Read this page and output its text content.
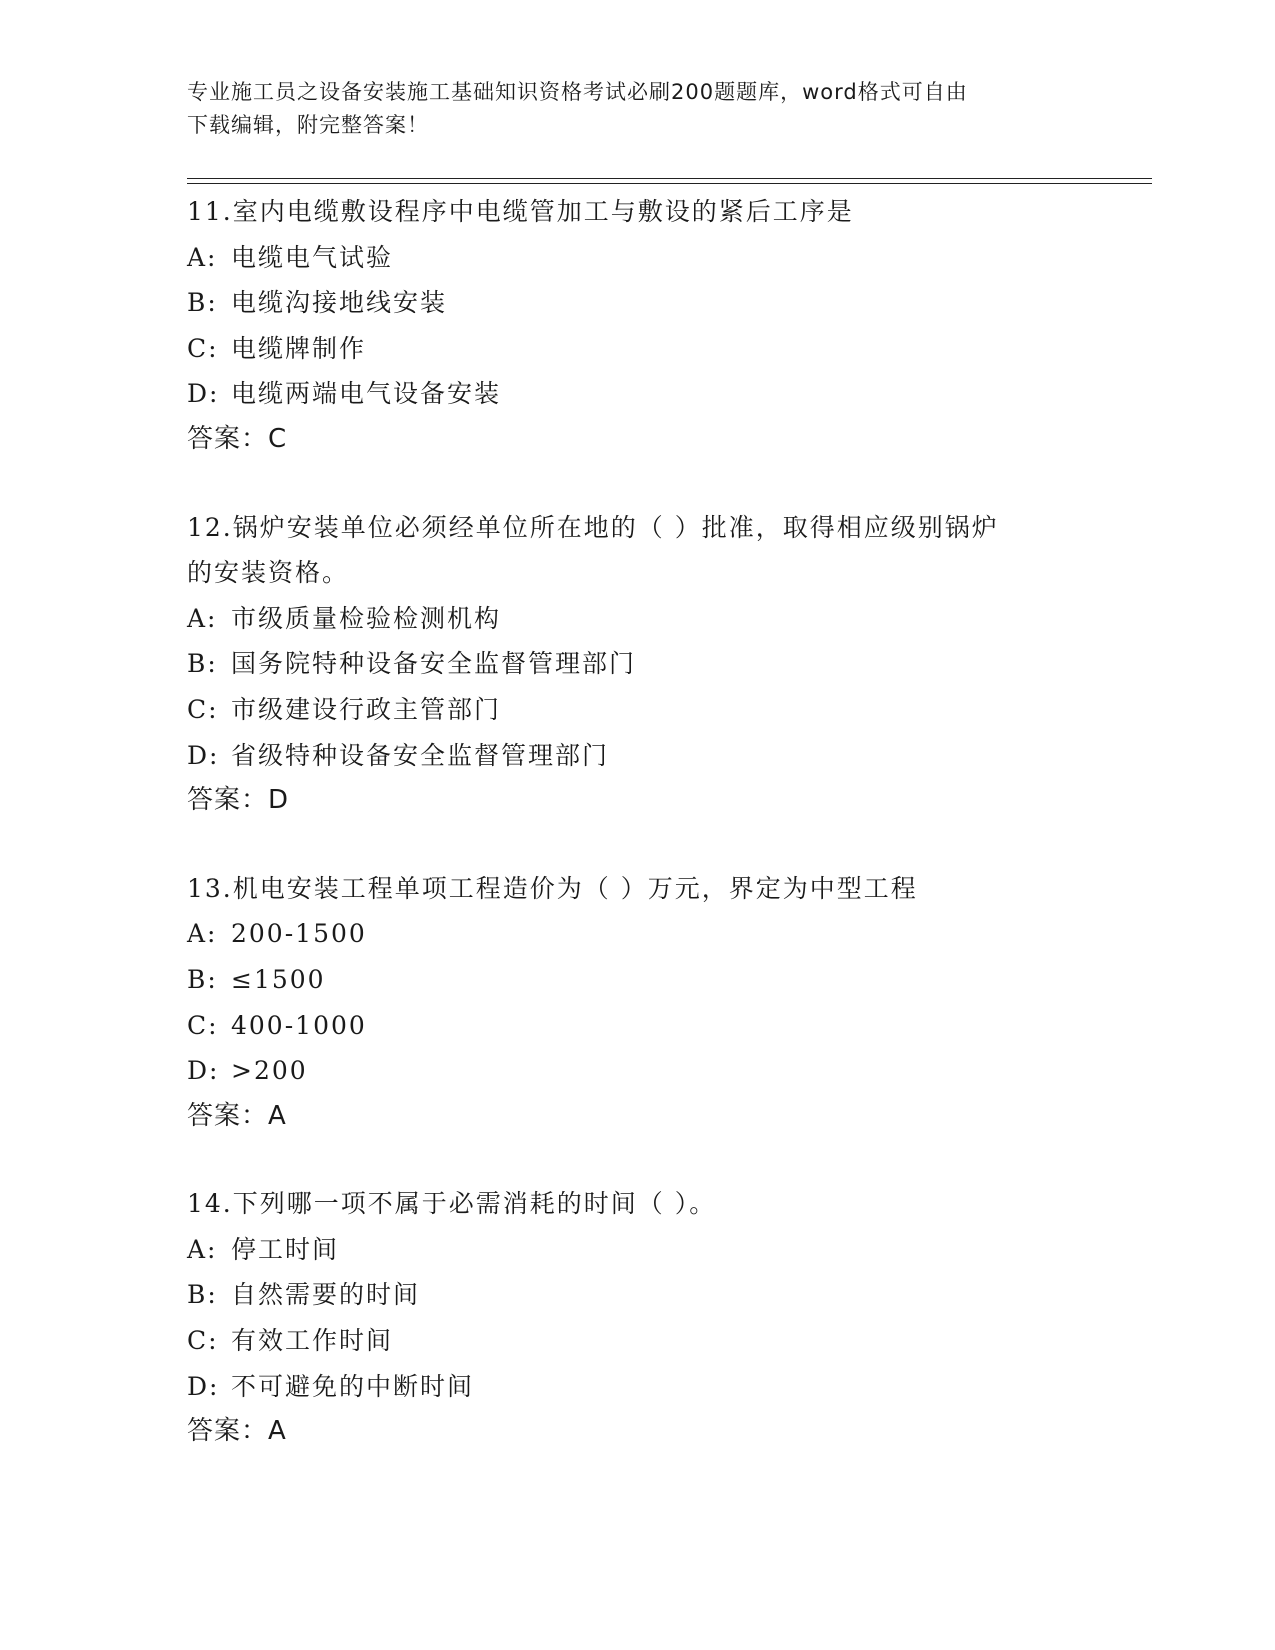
专业施工员之设备安装施工基础知识资格考试必刷200题题库，word格式可自由
下载编辑，附完整答案！
11.室内电缆敷设程序中电缆管加工与敷设的紧后工序是
A: 电缆电气试验
B: 电缆沟接地线安装
C: 电缆牌制作
D: 电缆两端电气设备安装
答案：C
12.锅炉安装单位必须经单位所在地的（ ）批准，取得相应级别锅炉
的安装资格。
A: 市级质量检验检测机构
B: 国务院特种设备安全监督管理部门
C: 市级建设行政主管部门
D: 省级特种设备安全监督管理部门
答案：D
13.机电安装工程单项工程造价为（ ）万元，界定为中型工程
A: 200-1500
B: ≤1500
C: 400-1000
D: >200
答案：A
14.下列哪一项不属于必需消耗的时间（ ）。
A: 停工时间
B: 自然需要的时间
C: 有效工作时间
D: 不可避免的中断时间
答案：A
